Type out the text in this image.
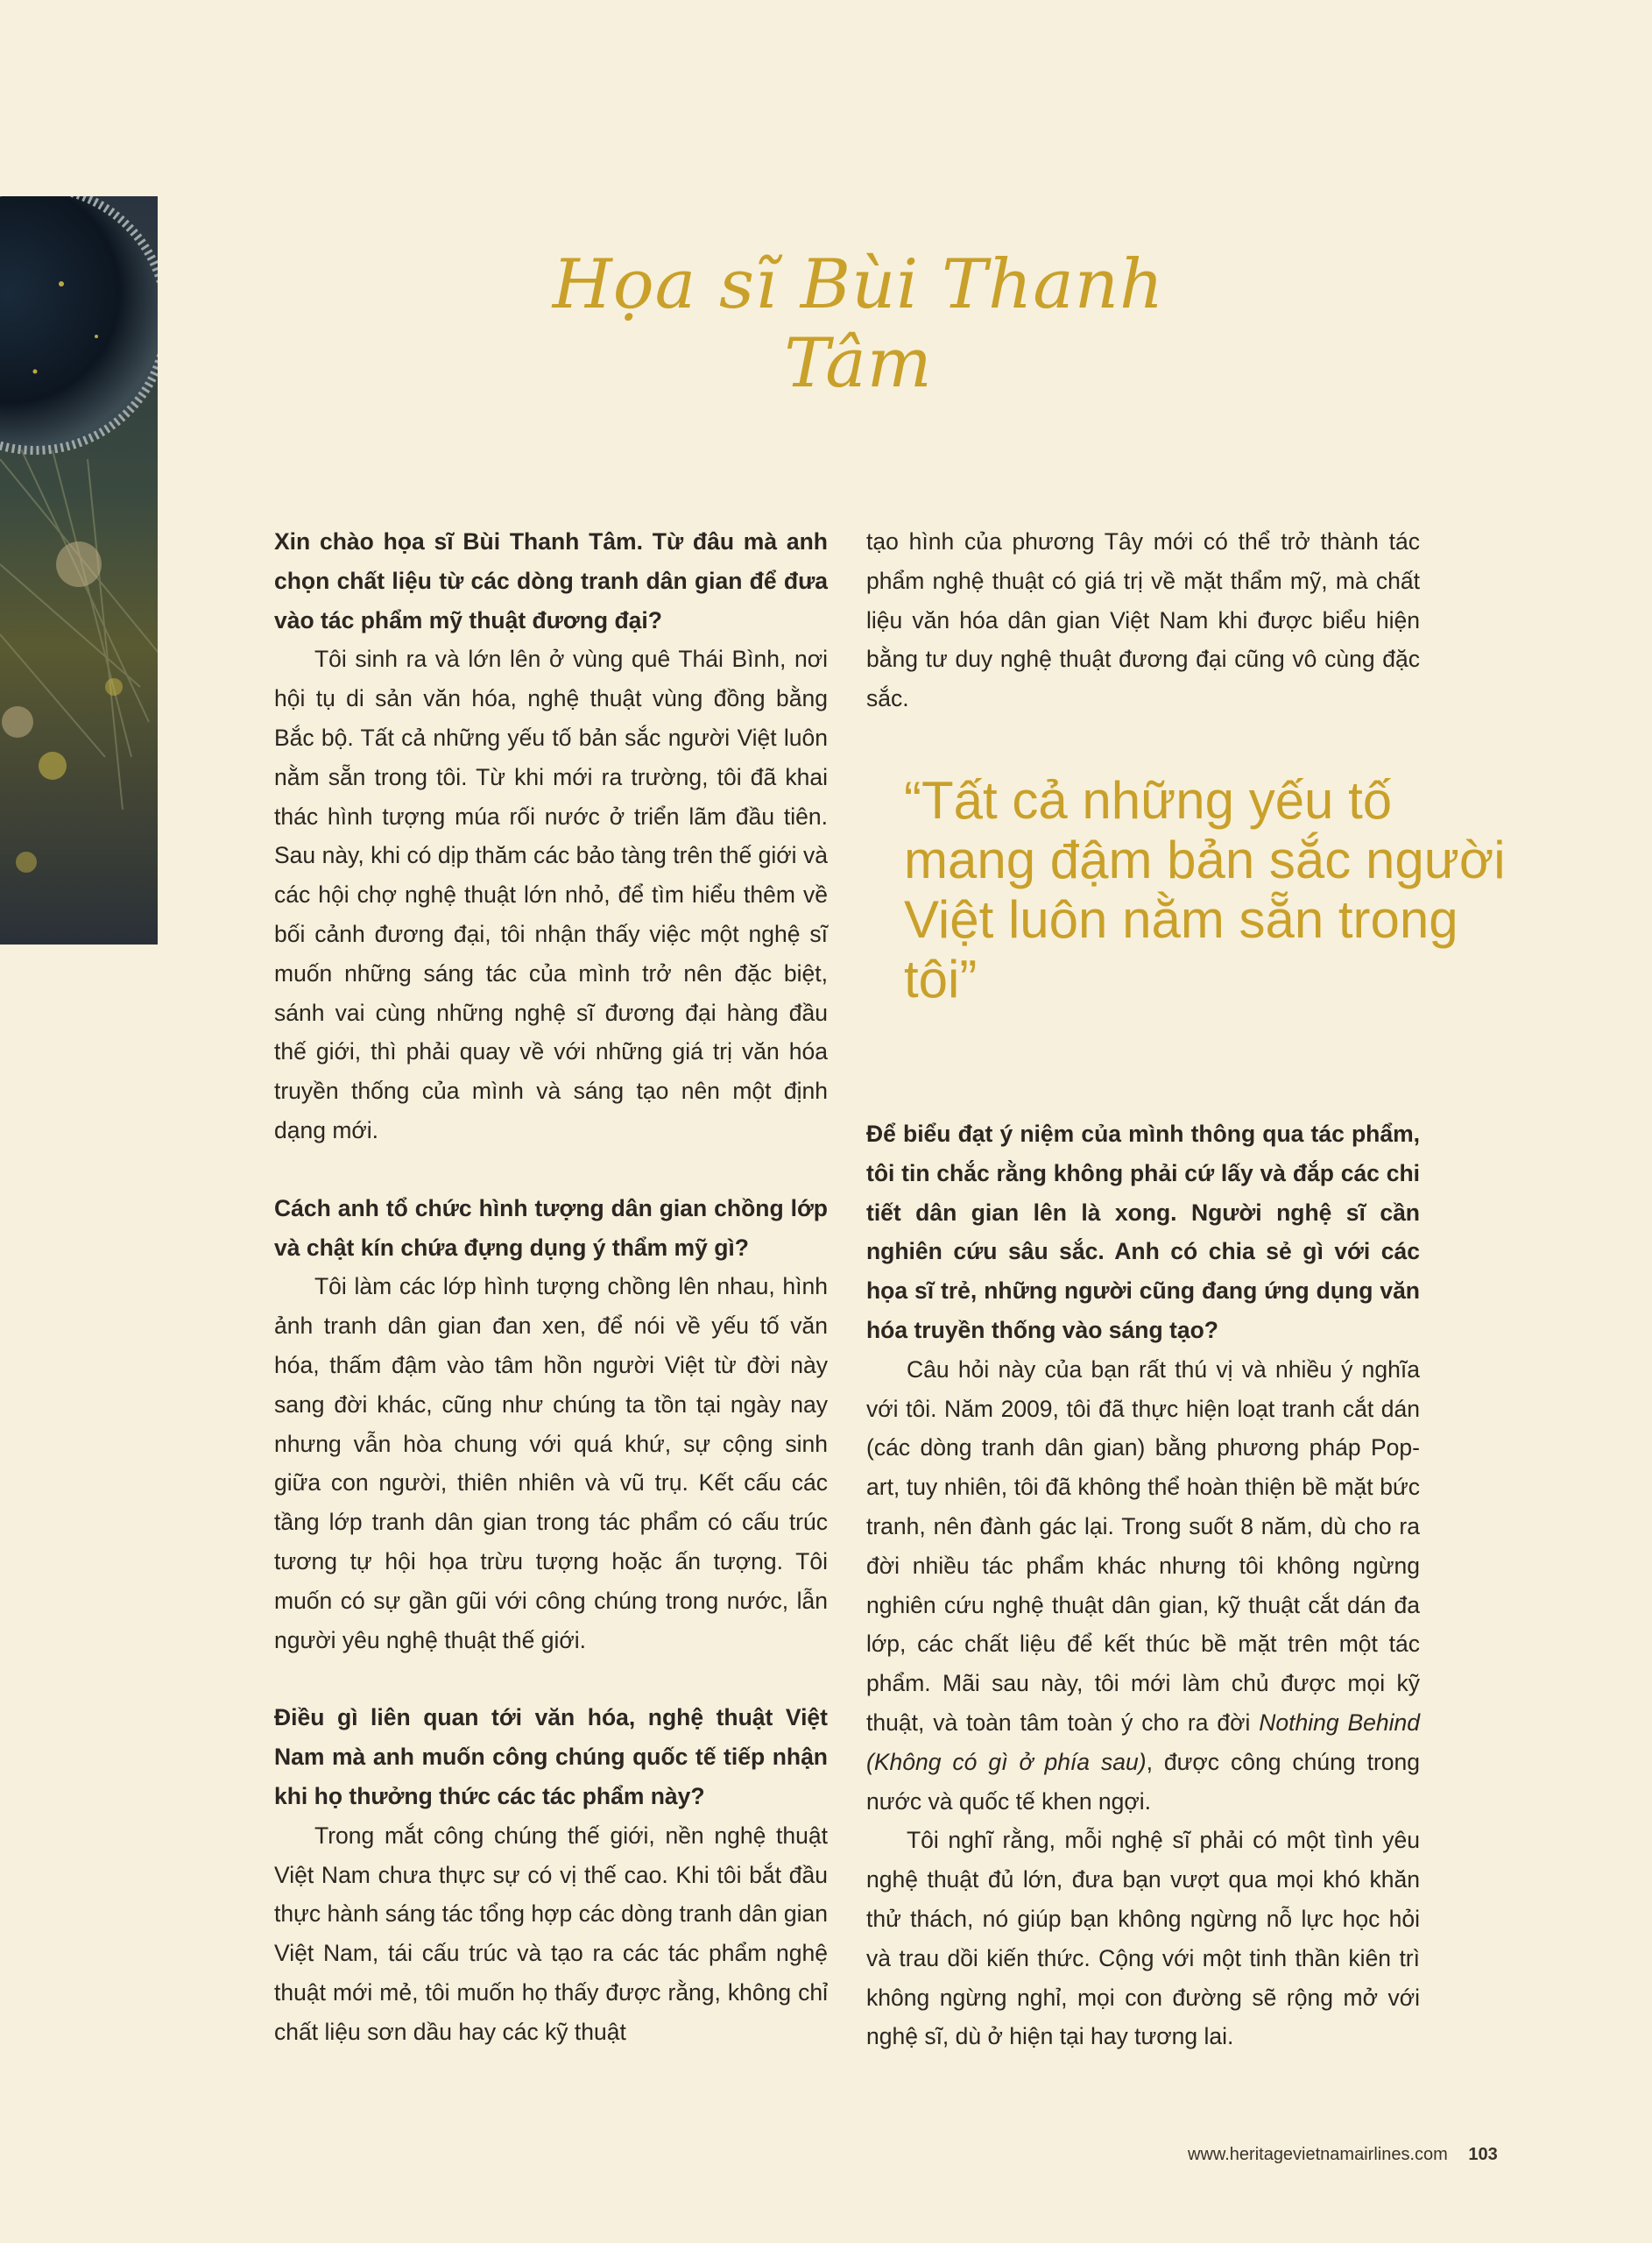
Họa sĩ Bùi Thanh Tâm

Xin chào họa sĩ Bùi Thanh Tâm. Từ đâu mà anh chọn chất liệu từ các dòng tranh dân gian để đưa vào tác phẩm mỹ thuật đương đại?

Tôi sinh ra và lớn lên ở vùng quê Thái Bình, nơi hội tụ di sản văn hóa, nghệ thuật vùng đồng bằng Bắc bộ. Tất cả những yếu tố bản sắc người Việt luôn nằm sẵn trong tôi. Từ khi mới ra trường, tôi đã khai thác hình tượng múa rối nước ở triển lãm đầu tiên. Sau này, khi có dịp thăm các bảo tàng trên thế giới và các hội chợ nghệ thuật lớn nhỏ, để tìm hiểu thêm về bối cảnh đương đại, tôi nhận thấy việc một nghệ sĩ muốn những sáng tác của mình trở nên đặc biệt, sánh vai cùng những nghệ sĩ đương đại hàng đầu thế giới, thì phải quay về với những giá trị văn hóa truyền thống của mình và sáng tạo nên một định dạng mới.

Cách anh tổ chức hình tượng dân gian chồng lớp và chật kín chứa đựng dụng ý thẩm mỹ gì?

Tôi làm các lớp hình tượng chồng lên nhau, hình ảnh tranh dân gian đan xen, để nói về yếu tố văn hóa, thấm đậm vào tâm hồn người Việt từ đời này sang đời khác, cũng như chúng ta tồn tại ngày nay nhưng vẫn hòa chung với quá khứ, sự cộng sinh giữa con người, thiên nhiên và vũ trụ. Kết cấu các tầng lớp tranh dân gian trong tác phẩm có cấu trúc tương tự hội họa trừu tượng hoặc ấn tượng. Tôi muốn có sự gần gũi với công chúng trong nước, lẫn người yêu nghệ thuật thế giới.

Điều gì liên quan tới văn hóa, nghệ thuật Việt Nam mà anh muốn công chúng quốc tế tiếp nhận khi họ thưởng thức các tác phẩm này?

Trong mắt công chúng thế giới, nền nghệ thuật Việt Nam chưa thực sự có vị thế cao. Khi tôi bắt đầu thực hành sáng tác tổng hợp các dòng tranh dân gian Việt Nam, tái cấu trúc và tạo ra các tác phẩm nghệ thuật mới mẻ, tôi muốn họ thấy được rằng, không chỉ chất liệu sơn dầu hay các kỹ thuật

tạo hình của phương Tây mới có thể trở thành tác phẩm nghệ thuật có giá trị về mặt thẩm mỹ, mà chất liệu văn hóa dân gian Việt Nam khi được biểu hiện bằng tư duy nghệ thuật đương đại cũng vô cùng đặc sắc.

“Tất cả những yếu tố mang đậm bản sắc người Việt luôn nằm sẵn trong tôi”

Để biểu đạt ý niệm của mình thông qua tác phẩm, tôi tin chắc rằng không phải cứ lấy và đắp các chi tiết dân gian lên là xong. Người nghệ sĩ cần nghiên cứu sâu sắc. Anh có chia sẻ gì với các họa sĩ trẻ, những người cũng đang ứng dụng văn hóa truyền thống vào sáng tạo?

Câu hỏi này của bạn rất thú vị và nhiều ý nghĩa với tôi. Năm 2009, tôi đã thực hiện loạt tranh cắt dán (các dòng tranh dân gian) bằng phương pháp Pop-art, tuy nhiên, tôi đã không thể hoàn thiện bề mặt bức tranh, nên đành gác lại. Trong suốt 8 năm, dù cho ra đời nhiều tác phẩm khác nhưng tôi không ngừng nghiên cứu nghệ thuật dân gian, kỹ thuật cắt dán đa lớp, các chất liệu để kết thúc bề mặt trên một tác phẩm. Mãi sau này, tôi mới làm chủ được mọi kỹ thuật, và toàn tâm toàn ý cho ra đời Nothing Behind (Không có gì ở phía sau), được công chúng trong nước và quốc tế khen ngợi.

Tôi nghĩ rằng, mỗi nghệ sĩ phải có một tình yêu nghệ thuật đủ lớn, đưa bạn vượt qua mọi khó khăn thử thách, nó giúp bạn không ngừng nỗ lực học hỏi và trau dồi kiến thức. Cộng với một tinh thần kiên trì không ngừng nghỉ, mọi con đường sẽ rộng mở với nghệ sĩ, dù ở hiện tại hay tương lai.

www.heritagevietnamairlines.com 103
